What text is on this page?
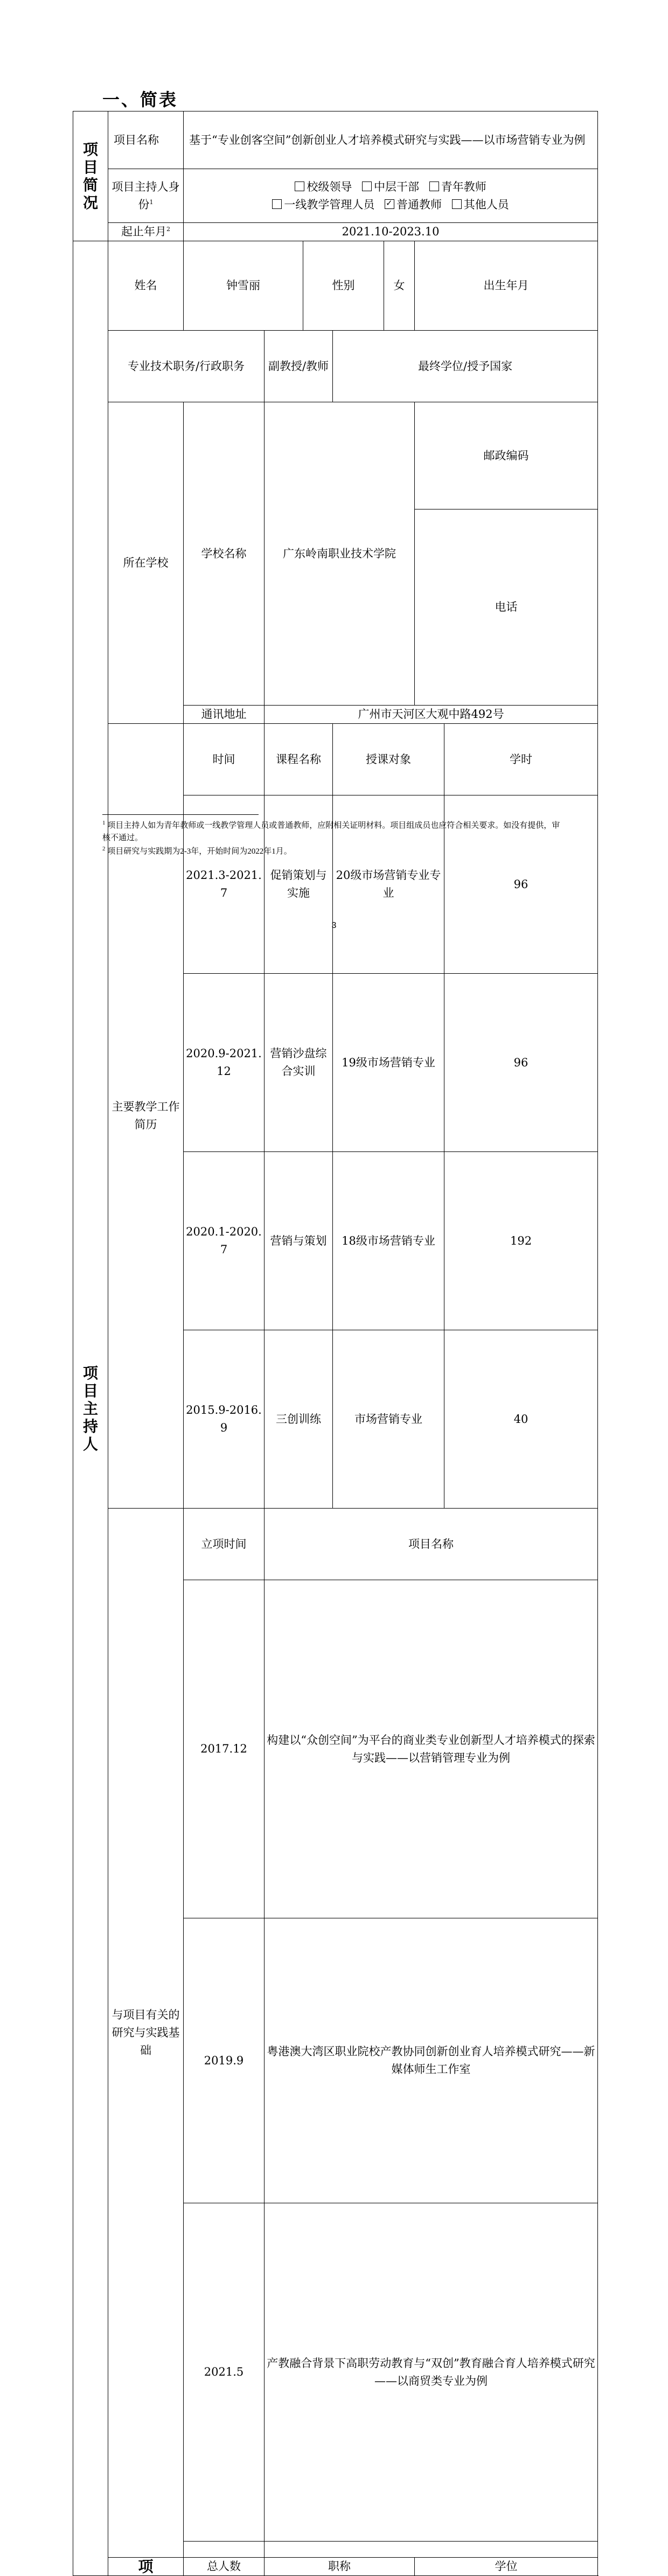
一、简表
项
目
简
况	项目名称	基于“专业创客空间”创新创业人才培养模式研究与实践——以市场营销专业为例							
	项目主持人身份$^1$	校级领导 中层干部 青年教师
一线教学管理人员 ✓ 普通教师 其他人员

	起止年月$^2$	2021.10-2023.10							

项
目
主
持
人	姓名	钟雪丽		性别		女	出生年月	
	专业技术职务/行政职务		副教授/教师		最终学位/授予国家	
	所在学校	学校名称	广东岭南职业技术学院				邮政编码	
							电话	
		通讯地址	广州市天河区大观中路492号						
	主要教学工作简历	时间	课程名称		授课对象			学时	
		2021.3-2021.7	促销策划与实施		20级市场营销专业专业			96	
		2020.9-2021.12	营销沙盘综合实训		19级市场营销专业			96	
		2020.1-2020.7	营销与策划		18级市场营销专业			192	
		2015.9-2016.9	三创训练		市场营销专业			40	
	与项目有关的研究与实践基础	立项时间	项目名称	
		2017.12	构建以“众创空间”为平台的商业类专业创新型人才培养模式的探索与实践——以营销管理专业为例	
		2019.9	粤港澳大湾区职业院校产教协同创新创业育人培养模式研究——新媒体师生工作室	
		2021.5	产教融合背景下高职劳动教育与“双创”教育融合育人培养模式研究——以商贸类专业为例	

	项	总人数	职称				学位		
$^1$ 项目主持人如为青年教师或一线教学管理人员或普通教师，应附相关证明材料。项目组成员也应符合相关要求。如没有提供，审核不通过。
$^2$ 项目研究与实践期为2-3年，开始时间为2022年1月。
3
